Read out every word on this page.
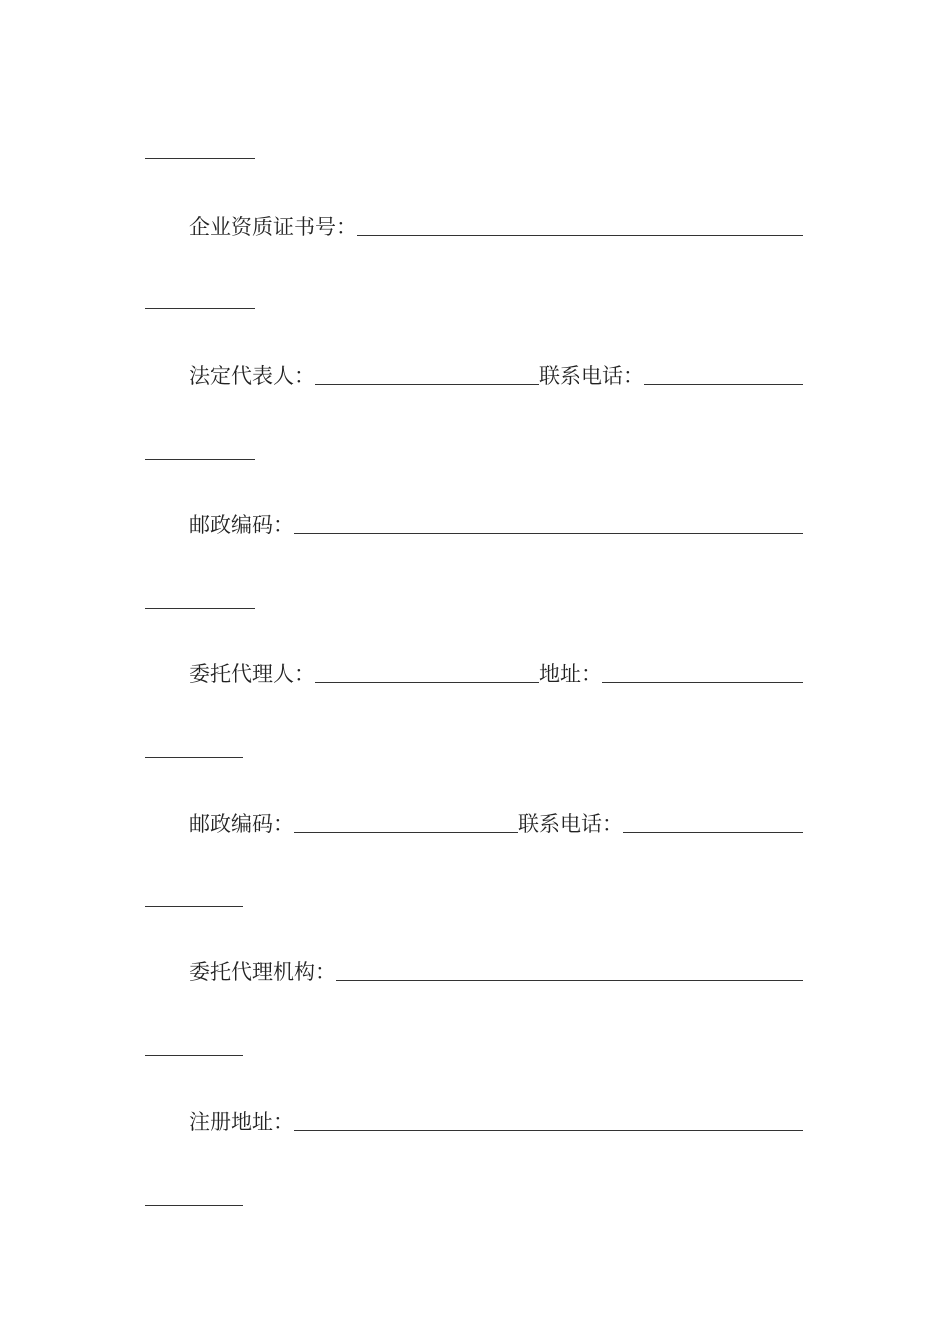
企业资质证书号：
法定代表人：	联系电话：
邮政编码：
委托代理人：	地址：
邮政编码：	联系电话：
委托代理机构：
注册地址：
